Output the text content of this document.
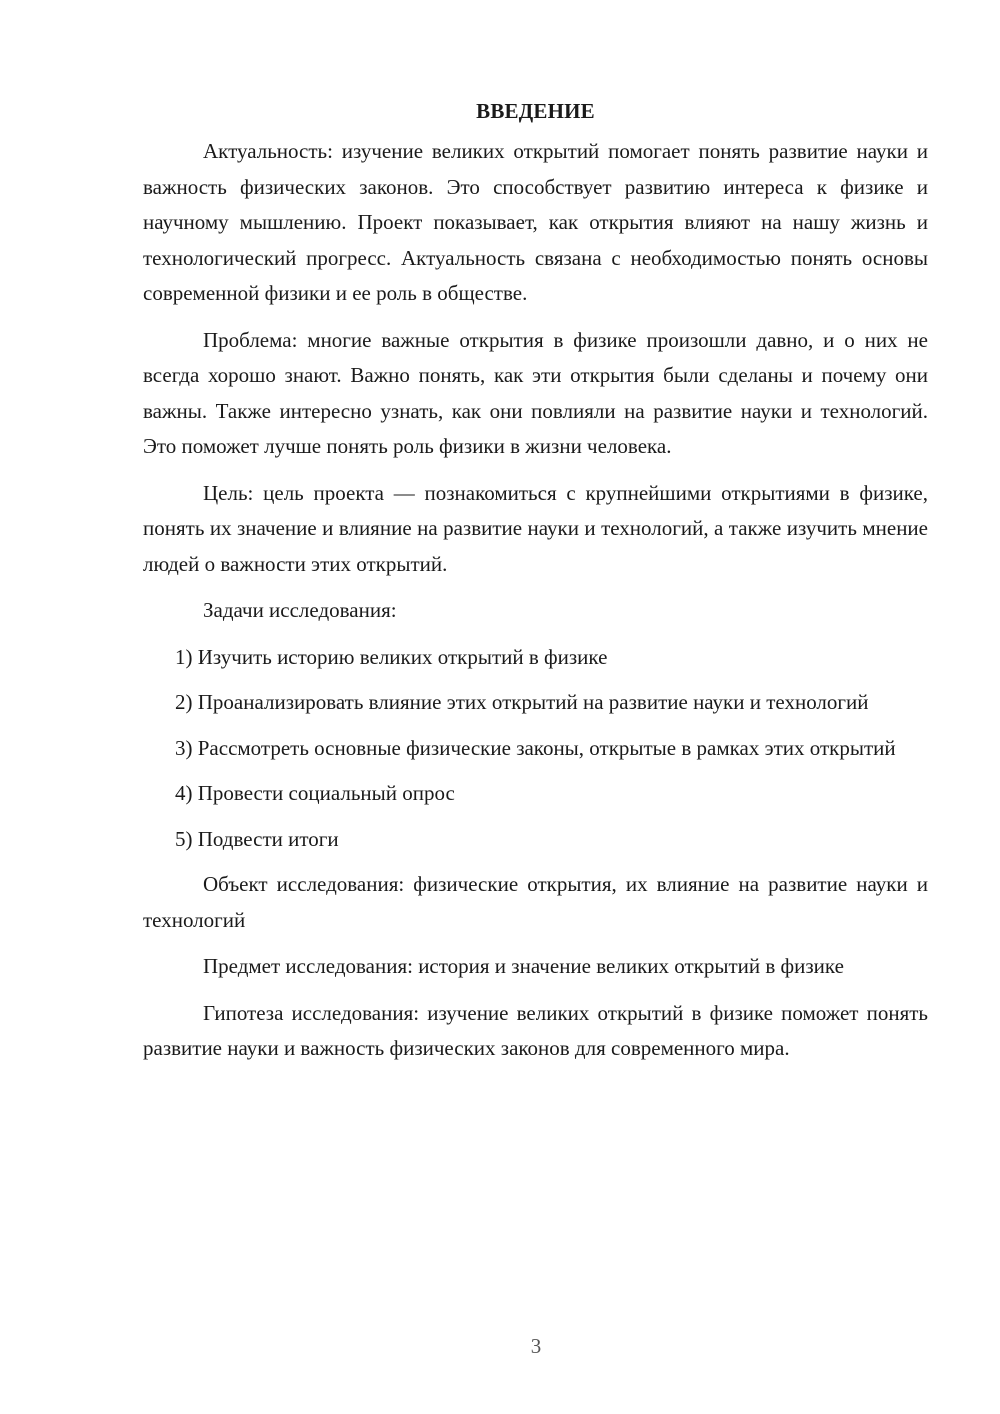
ВВЕДЕНИЕ

Актуальность: изучение великих открытий помогает понять развитие науки и важность физических законов. Это способствует развитию интереса к физике и научному мышлению. Проект показывает, как открытия влияют на нашу жизнь и технологический прогресс. Актуальность связана с необходимостью понять основы современной физики и ее роль в обществе.

Проблема: многие важные открытия в физике произошли давно, и о них не всегда хорошо знают. Важно понять, как эти открытия были сделаны и почему они важны. Также интересно узнать, как они повлияли на развитие науки и технологий. Это поможет лучше понять роль физики в жизни человека.

Цель: цель проекта — познакомиться с крупнейшими открытиями в физике, понять их значение и влияние на развитие науки и технологий, а также изучить мнение людей о важности этих открытий.

Задачи исследования:

1) Изучить историю великих открытий в физике

2) Проанализировать влияние этих открытий на развитие науки и технологий

3) Рассмотреть основные физические законы, открытые в рамках этих открытий

4) Провести социальный опрос

5) Подвести итоги

Объект исследования: физические открытия, их влияние на развитие науки и технологий

Предмет исследования: история и значение великих открытий в физике

Гипотеза исследования: изучение великих открытий в физике поможет понять развитие науки и важность физических законов для современного мира.

3
